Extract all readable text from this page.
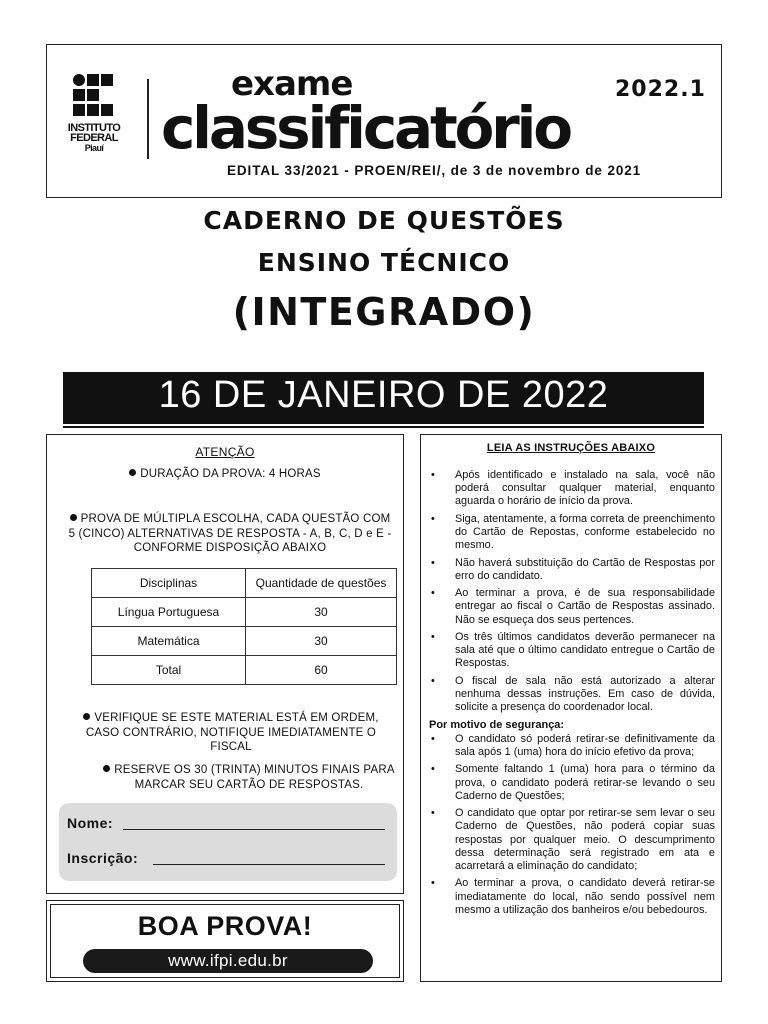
INSTITUTO
FEDERAL
Piauí
exame	2022.1
classificatório
EDITAL 33/2021 - PROEN/REI/, de 3 de novembro de 2021
CADERNO DE QUESTÕES
ENSINO TÉCNICO
(INTEGRADO)
16 DE JANEIRO DE 2022
ATENÇÃO
DURAÇÃO DA PROVA: 4 HORAS
PROVA DE MÚLTIPLA ESCOLHA, CADA QUESTÃO COM 5 (CINCO) ALTERNATIVAS DE RESPOSTA - A, B, C, D e E - CONFORME DISPOSIÇÃO ABAIXO
Disciplinas	Quantidade de questões
Língua Portuguesa	30
Matemática	30
Total	60
VERIFIQUE SE ESTE MATERIAL ESTÁ EM ORDEM, CASO CONTRÁRIO, NOTIFIQUE IMEDIATAMENTE O FISCAL
RESERVE OS 30 (TRINTA) MINUTOS FINAIS PARA MARCAR SEU CARTÃO DE RESPOSTAS.
Nome:
Inscrição:
BOA PROVA!
www.ifpi.edu.br
LEIA AS INSTRUÇÕES ABAIXO
• Após identificado e instalado na sala, você não poderá consultar qualquer material, enquanto aguarda o horário de início da prova.
• Siga, atentamente, a forma correta de preenchimento do Cartão de Repostas, conforme estabelecido no mesmo.
• Não haverá substituição do Cartão de Respostas por erro do candidato.
• Ao terminar a prova, é de sua responsabilidade entregar ao fiscal o Cartão de Respostas assinado. Não se esqueça dos seus pertences.
• Os três últimos candidatos deverão permanecer na sala até que o último candidato entregue o Cartão de Respostas.
• O fiscal de sala não está autorizado a alterar nenhuma dessas instruções. Em caso de dúvida, solicite a presença do coordenador local.
Por motivo de segurança:
• O candidato só poderá retirar-se definitivamente da sala após 1 (uma) hora do início efetivo da prova;
• Somente faltando 1 (uma) hora para o término da prova, o candidato poderá retirar-se levando o seu Caderno de Questões;
• O candidato que optar por retirar-se sem levar o seu Caderno de Questões, não poderá copiar suas respostas por qualquer meio. O descumprimento dessa determinação será registrado em ata e acarretará a eliminação do candidato;
• Ao terminar a prova, o candidato deverá retirar-se imediatamente do local, não sendo possível nem mesmo a utilização dos banheiros e/ou bebedouros.
